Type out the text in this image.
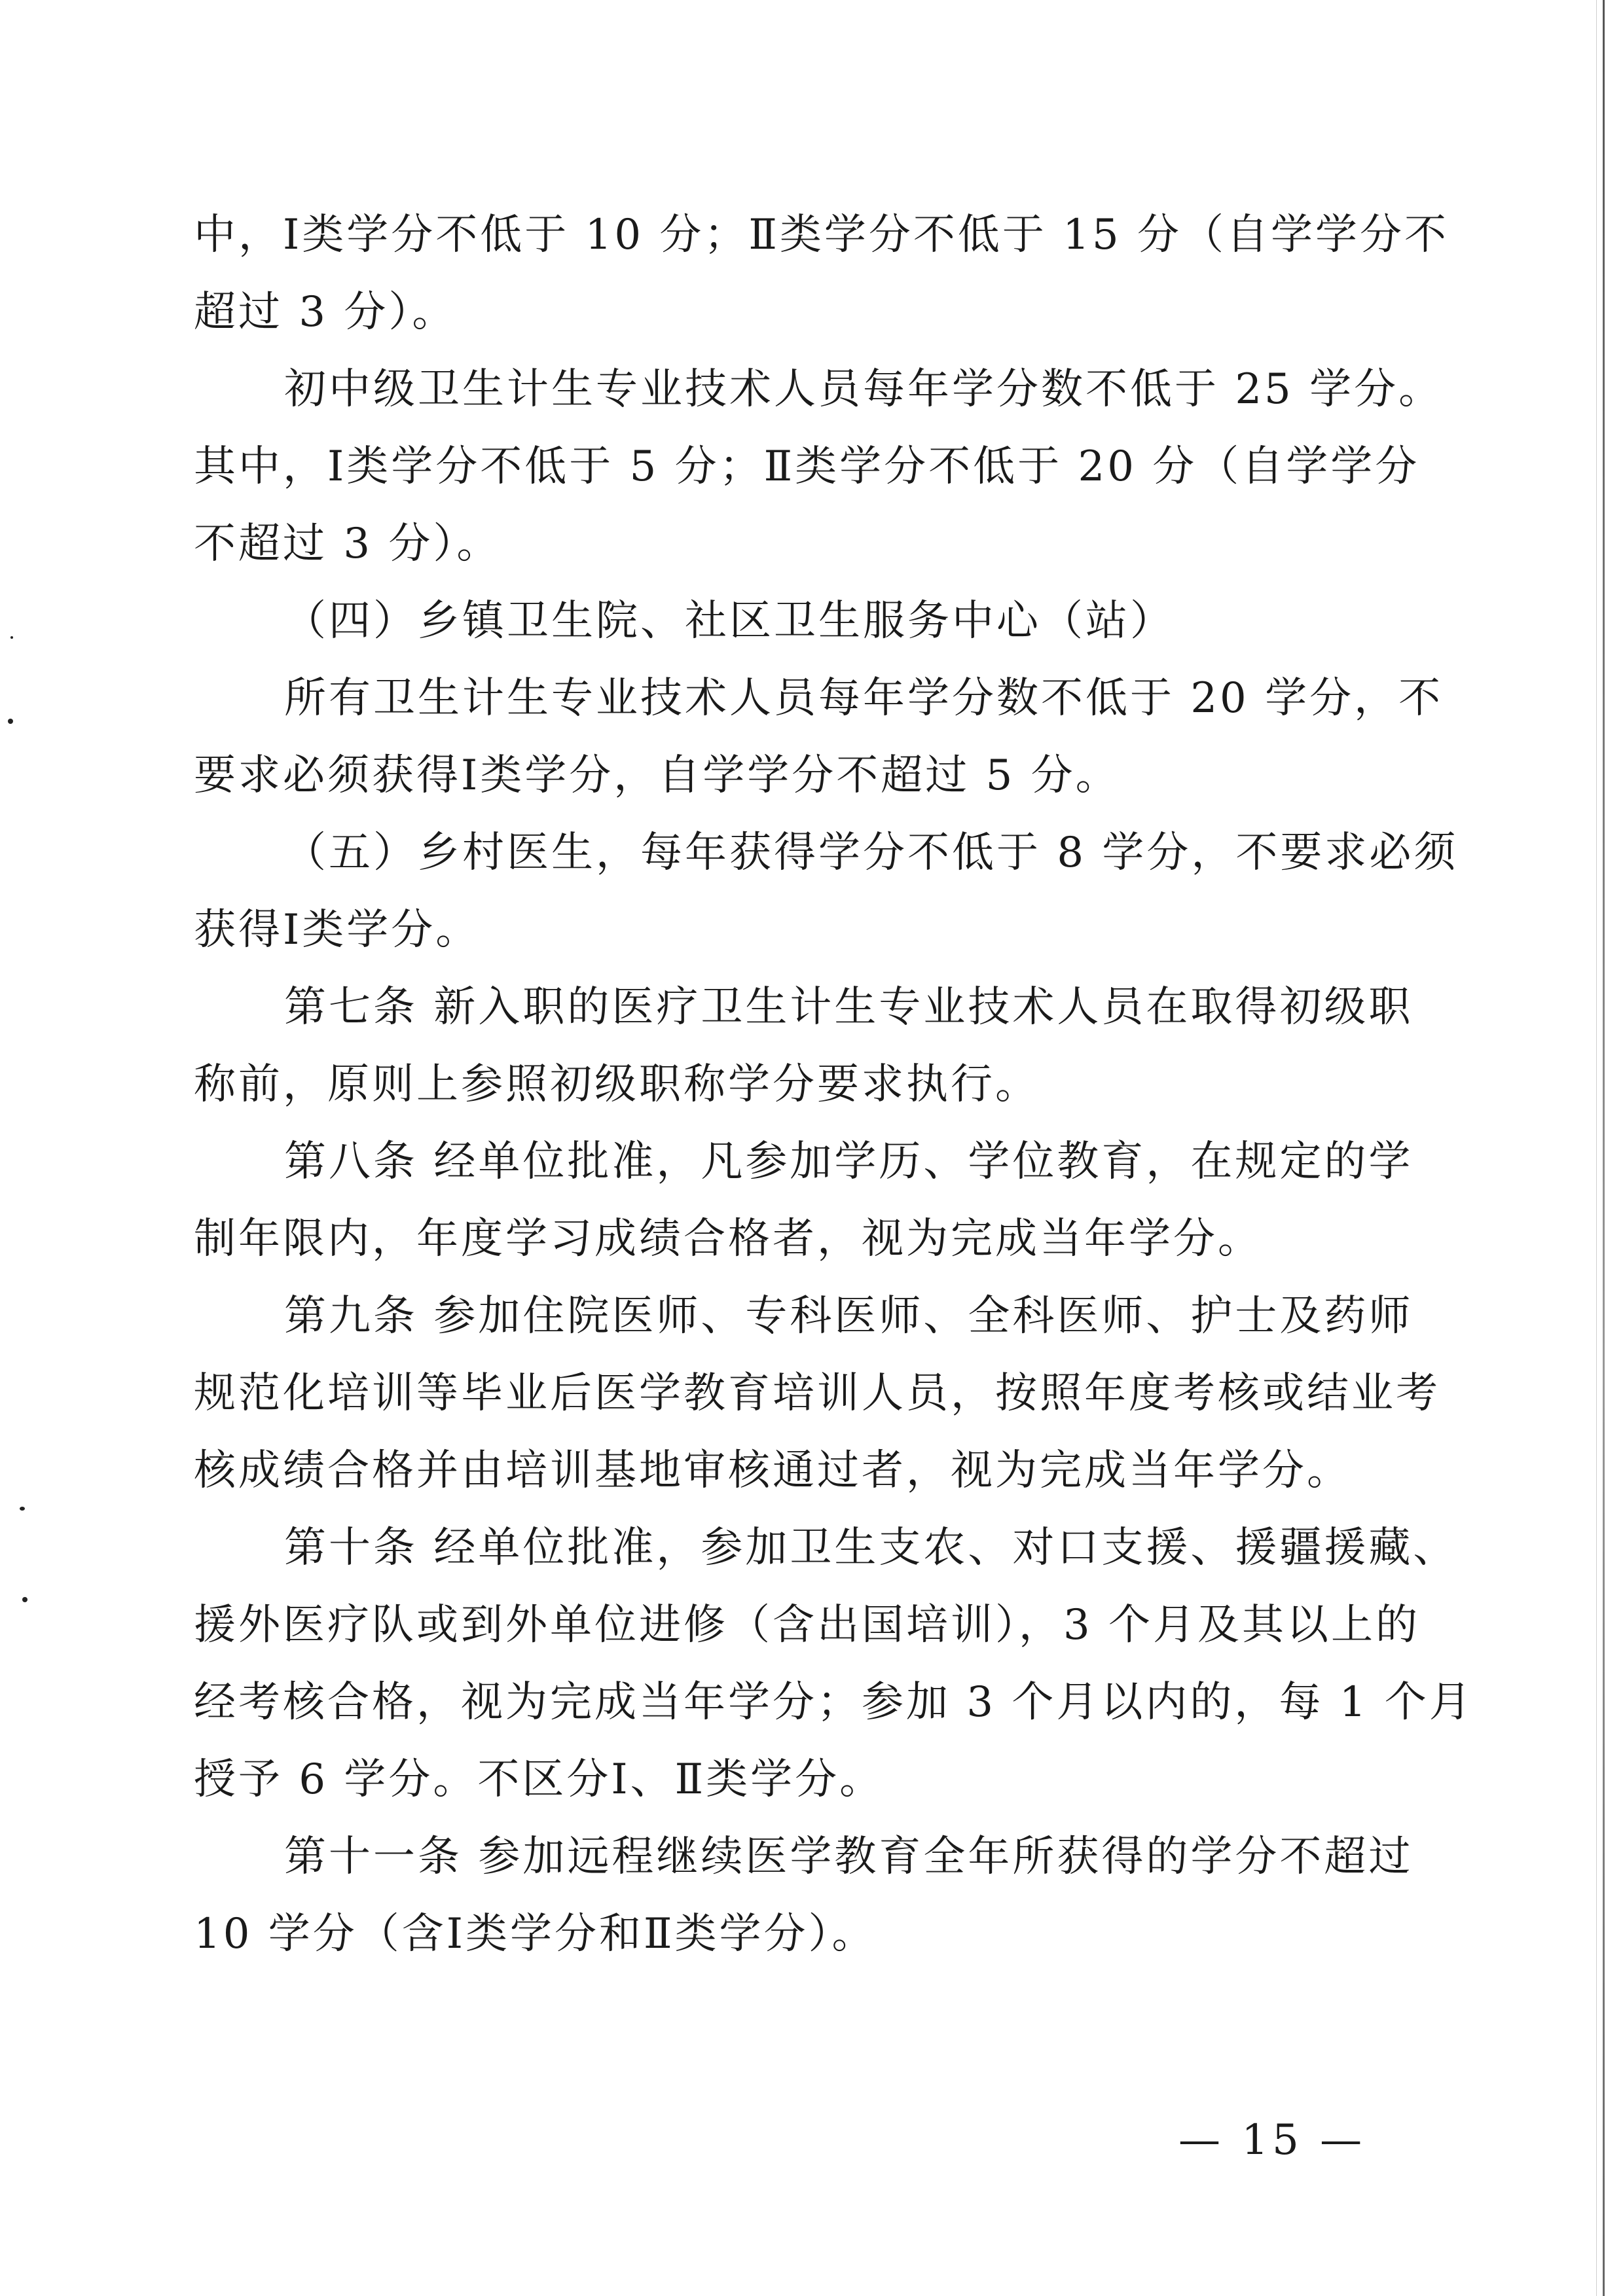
中，Ⅰ类学分不低于 10 分；Ⅱ类学分不低于 15 分（自学学分不
超过 3 分）。
初中级卫生计生专业技术人员每年学分数不低于 25 学分。
其中，Ⅰ类学分不低于 5 分；Ⅱ类学分不低于 20 分（自学学分
不超过 3 分）。
（四）乡镇卫生院、社区卫生服务中心（站）
所有卫生计生专业技术人员每年学分数不低于 20 学分，不
要求必须获得Ⅰ类学分，自学学分不超过 5 分。
（五）乡村医生，每年获得学分不低于 8 学分，不要求必须
获得Ⅰ类学分。
第七条 新入职的医疗卫生计生专业技术人员在取得初级职
称前，原则上参照初级职称学分要求执行。
第八条 经单位批准，凡参加学历、学位教育，在规定的学
制年限内，年度学习成绩合格者，视为完成当年学分。
第九条 参加住院医师、专科医师、全科医师、护士及药师
规范化培训等毕业后医学教育培训人员，按照年度考核或结业考
核成绩合格并由培训基地审核通过者，视为完成当年学分。
第十条 经单位批准，参加卫生支农、对口支援、援疆援藏、
援外医疗队或到外单位进修（含出国培训），3 个月及其以上的
经考核合格，视为完成当年学分；参加 3 个月以内的，每 1 个月
授予 6 学分。不区分Ⅰ、Ⅱ类学分。
第十一条 参加远程继续医学教育全年所获得的学分不超过
10 学分（含Ⅰ类学分和Ⅱ类学分）。
— 15 —
